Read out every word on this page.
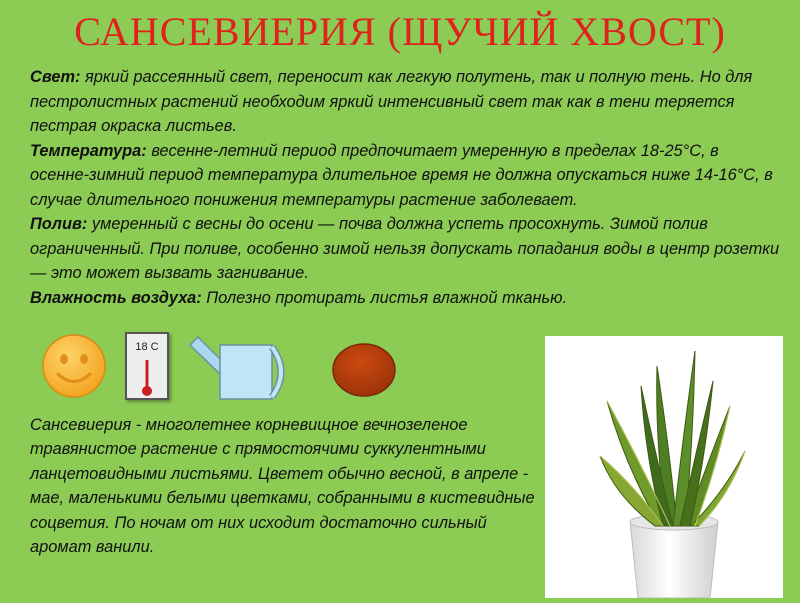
САНСЕВИЕРИЯ (ЩУЧИЙ ХВОСТ)

Свет: яркий рассеянный свет, переносит как легкую полутень, так и полную тень. Но для пестролистных растений необходим яркий интенсивный свет так как в тени теряется пестрая окраска листьев.

Температура: весенне-летний период предпочитает умеренную в пределах 18-25°С, в осенне-зимний период температура длительное время не должна опускаться ниже 14-16°С, в случае длительного понижения температуры растение заболевает.

Полив: умеренный с весны до осени — почва должна успеть просохнуть. Зимой полив ограниченный. При поливе, особенно зимой нельзя допускать попадания воды в центр розетки — это может вызвать загнивание.

Влажность воздуха: Полезно протирать листья влажной тканью.

18 С
Сансевиерия - многолетнее корневищное вечнозеленое травянистое растение с прямостоячими суккулентными ланцетовидными листьями. Цветет обычно весной, в апреле - мае, маленькими белыми цветками, собранными в кистевидные соцветия. По ночам от них исходит достаточно сильный аромат ванили.
